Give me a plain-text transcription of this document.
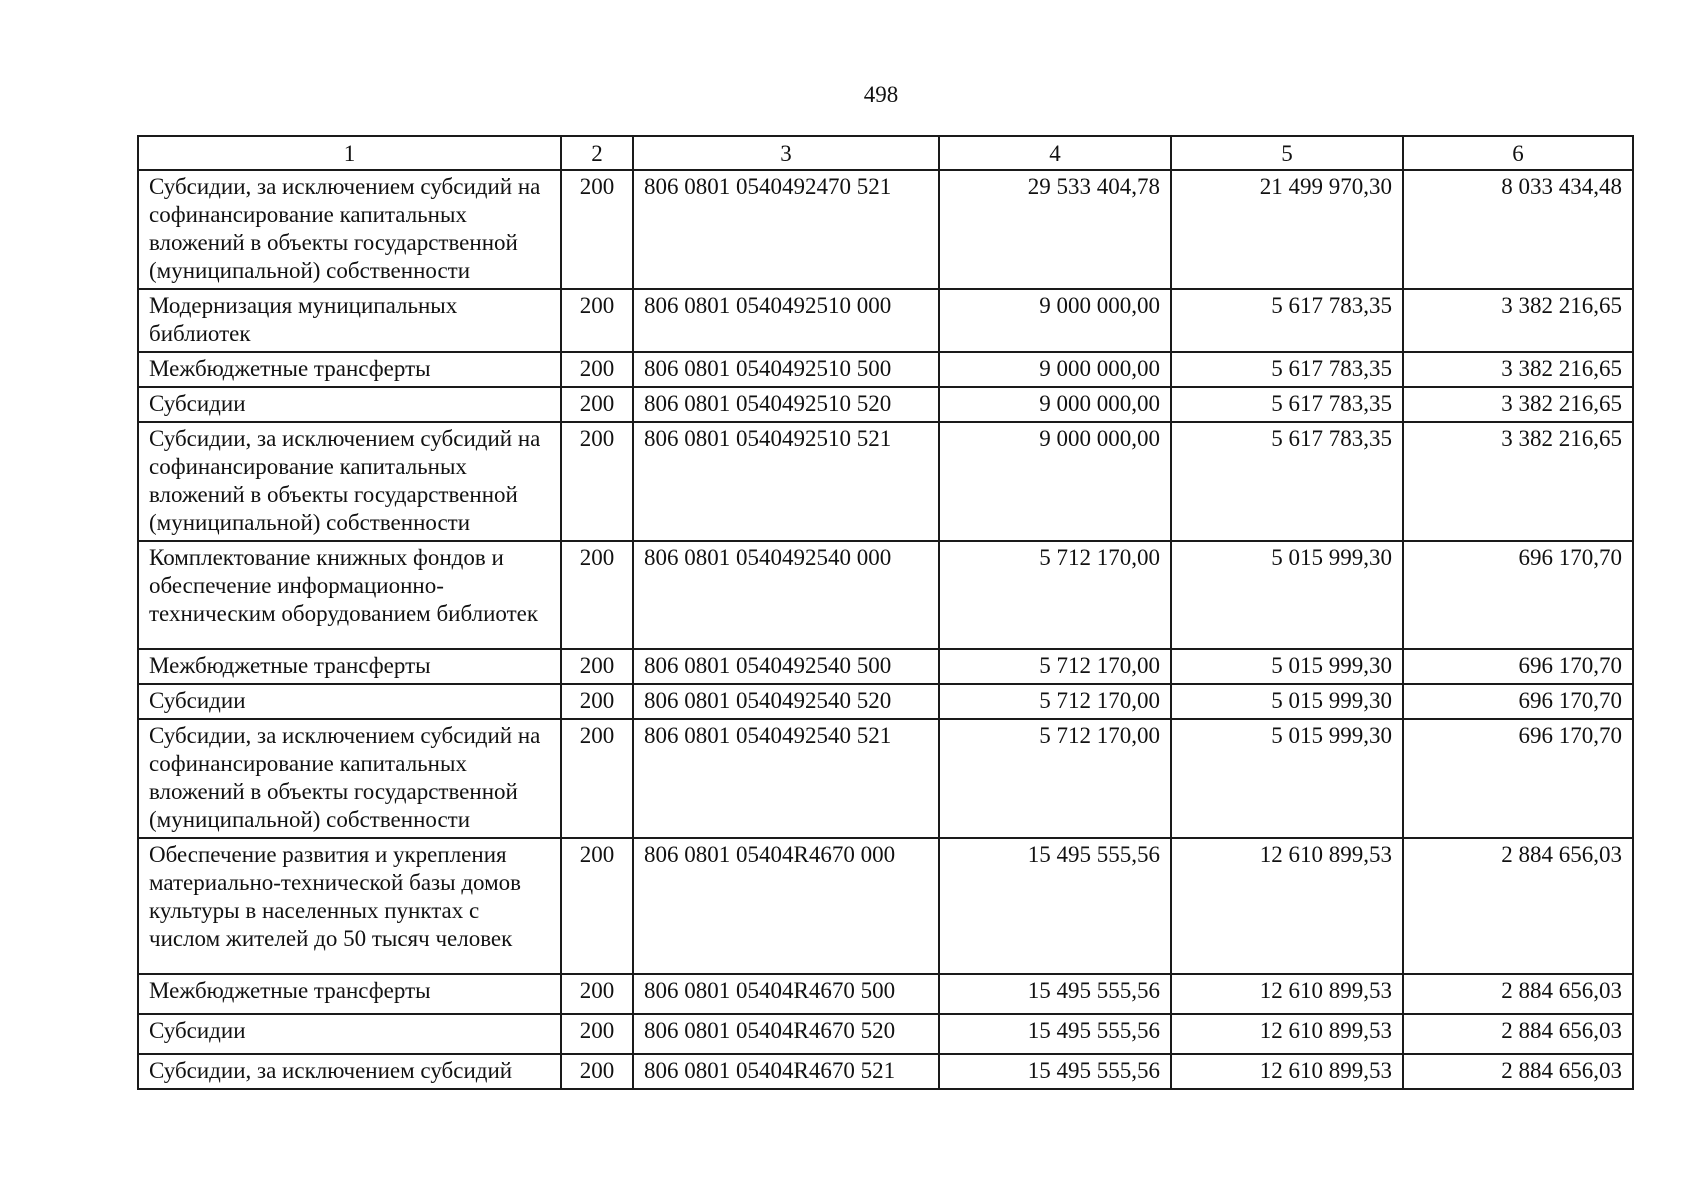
498
1	2	3	4	5	6
Субсидии, за исключением субсидий на софинансирование капитальных вложений в объекты государственной (муниципальной) собственности	200	806 0801 0540492470 521	29 533 404,78	21 499 970,30	8 033 434,48
Модернизация муниципальных библиотек	200	806 0801 0540492510 000	9 000 000,00	5 617 783,35	3 382 216,65
Межбюджетные трансферты	200	806 0801 0540492510 500	9 000 000,00	5 617 783,35	3 382 216,65
Субсидии	200	806 0801 0540492510 520	9 000 000,00	5 617 783,35	3 382 216,65
Субсидии, за исключением субсидий на софинансирование капитальных вложений в объекты государственной (муниципальной) собственности	200	806 0801 0540492510 521	9 000 000,00	5 617 783,35	3 382 216,65
Комплектование книжных фондов и обеспечение информационно-техническим оборудованием библиотек	200	806 0801 0540492540 000	5 712 170,00	5 015 999,30	696 170,70
Межбюджетные трансферты	200	806 0801 0540492540 500	5 712 170,00	5 015 999,30	696 170,70
Субсидии	200	806 0801 0540492540 520	5 712 170,00	5 015 999,30	696 170,70
Субсидии, за исключением субсидий на софинансирование капитальных вложений в объекты государственной (муниципальной) собственности	200	806 0801 0540492540 521	5 712 170,00	5 015 999,30	696 170,70
Обеспечение развития и укрепления материально-технической базы домов культуры в населенных пунктах с числом жителей до 50 тысяч человек	200	806 0801 05404R4670 000	15 495 555,56	12 610 899,53	2 884 656,03
Межбюджетные трансферты	200	806 0801 05404R4670 500	15 495 555,56	12 610 899,53	2 884 656,03
Субсидии	200	806 0801 05404R4670 520	15 495 555,56	12 610 899,53	2 884 656,03
Субсидии, за исключением субсидий	200	806 0801 05404R4670 521	15 495 555,56	12 610 899,53	2 884 656,03
